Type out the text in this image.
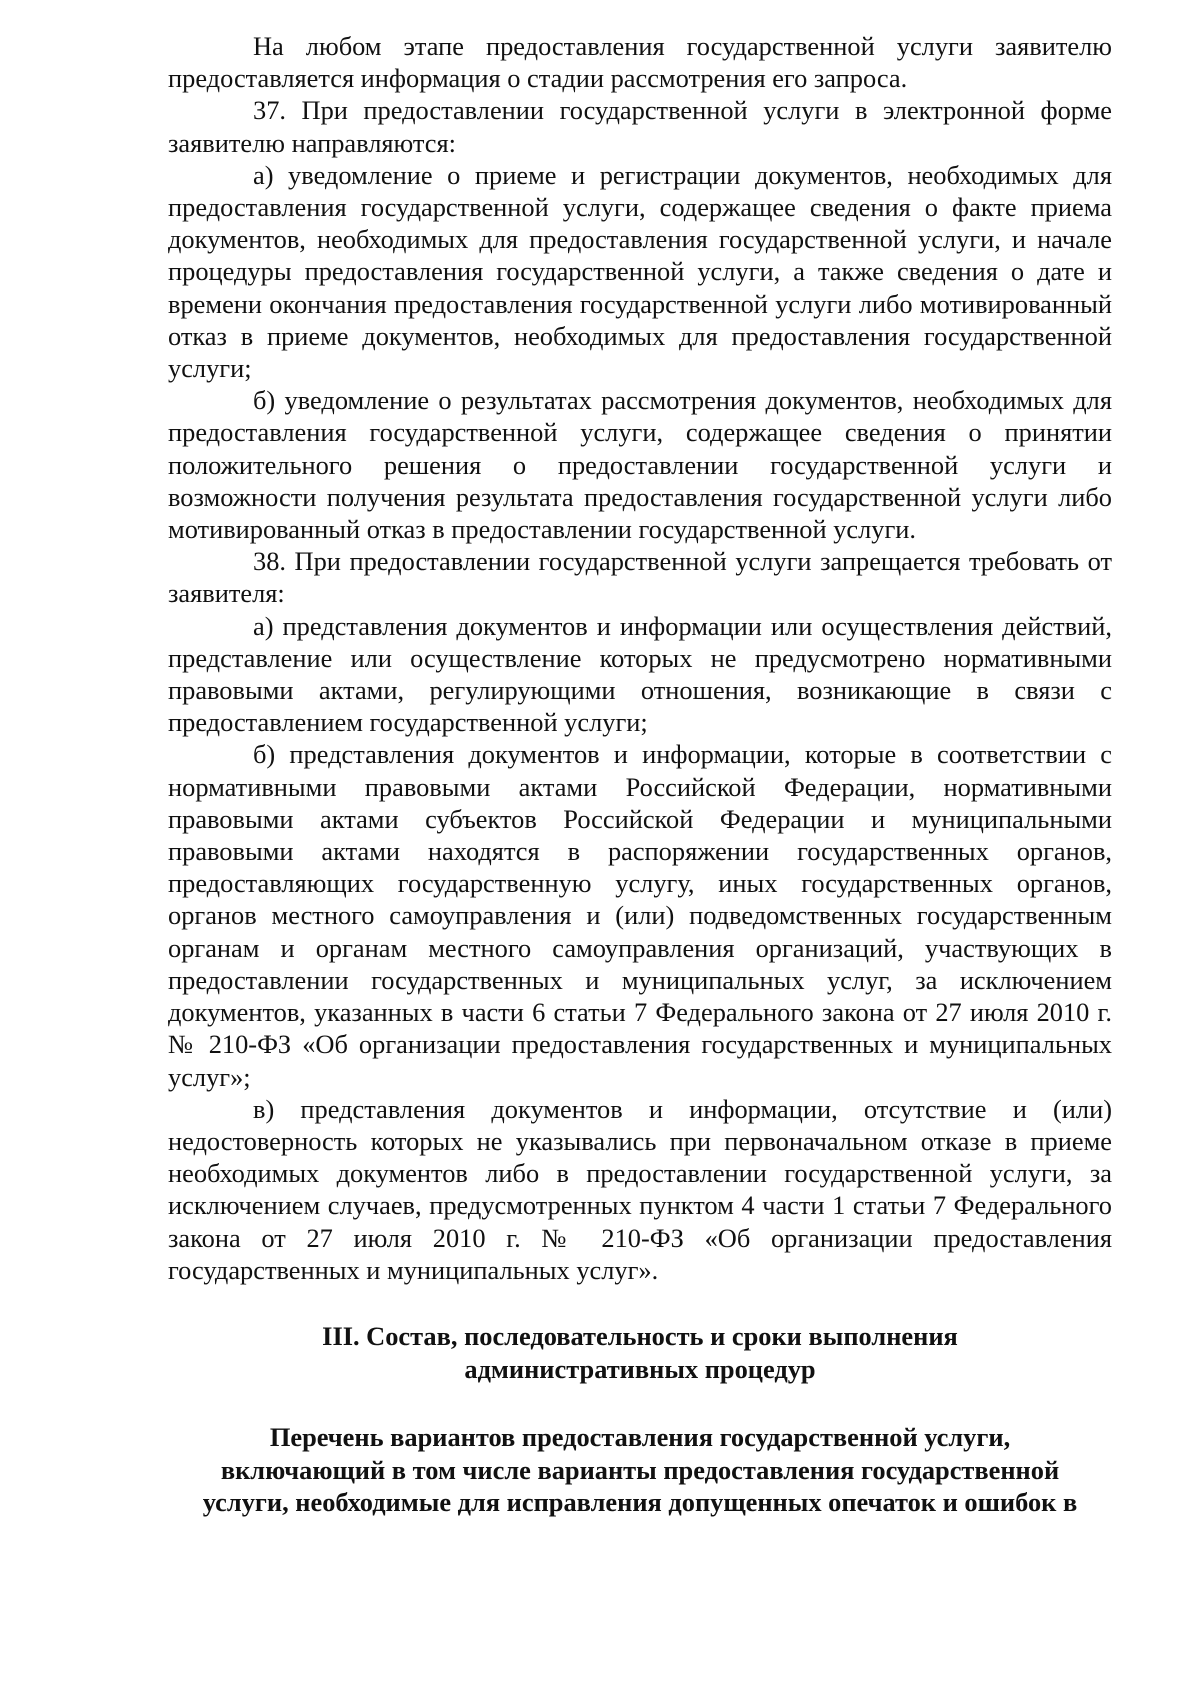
На любом этапе предоставления государственной услуги заявителю предоставляется информация о стадии рассмотрения его запроса.

37. При предоставлении государственной услуги в электронной форме заявителю направляются:

а) уведомление о приеме и регистрации документов, необходимых для предоставления государственной услуги, содержащее сведения о факте приема документов, необходимых для предоставления государственной услуги, и начале процедуры предоставления государственной услуги, а также сведения о дате и времени окончания предоставления государственной услуги либо мотивированный отказ в приеме документов, необходимых для предоставления государственной услуги;

б) уведомление о результатах рассмотрения документов, необходимых для предоставления государственной услуги, содержащее сведения о принятии положительного решения о предоставлении государственной услуги и возможности получения результата предоставления государственной услуги либо мотивированный отказ в предоставлении государственной услуги.

38. При предоставлении государственной услуги запрещается требовать от заявителя:

а) представления документов и информации или осуществления действий, представление или осуществление которых не предусмотрено нормативными правовыми актами, регулирующими отношения, возникающие в связи с предоставлением государственной услуги;

б) представления документов и информации, которые в соответствии с нормативными правовыми актами Российской Федерации, нормативными правовыми актами субъектов Российской Федерации и муниципальными правовыми актами находятся в распоряжении государственных органов, предоставляющих государственную услугу, иных государственных органов, органов местного самоуправления и (или) подведомственных государственным органам и органам местного самоуправления организаций, участвующих в предоставлении государственных и муниципальных услуг, за исключением документов, указанных в части 6 статьи 7 Федерального закона от 27 июля 2010 г. № 210-ФЗ «Об организации предоставления государственных и муниципальных услуг»;

в) представления документов и информации, отсутствие и (или) недостоверность которых не указывались при первоначальном отказе в приеме необходимых документов либо в предоставлении государственной услуги, за исключением случаев, предусмотренных пунктом 4 части 1 статьи 7 Федерального закона от 27 июля 2010 г. № 210-ФЗ «Об организации предоставления государственных и муниципальных услуг».

III. Состав, последовательность и сроки выполнения
административных процедур
Перечень вариантов предоставления государственной услуги,
включающий в том числе варианты предоставления государственной
услуги, необходимые для исправления допущенных опечаток и ошибок в
